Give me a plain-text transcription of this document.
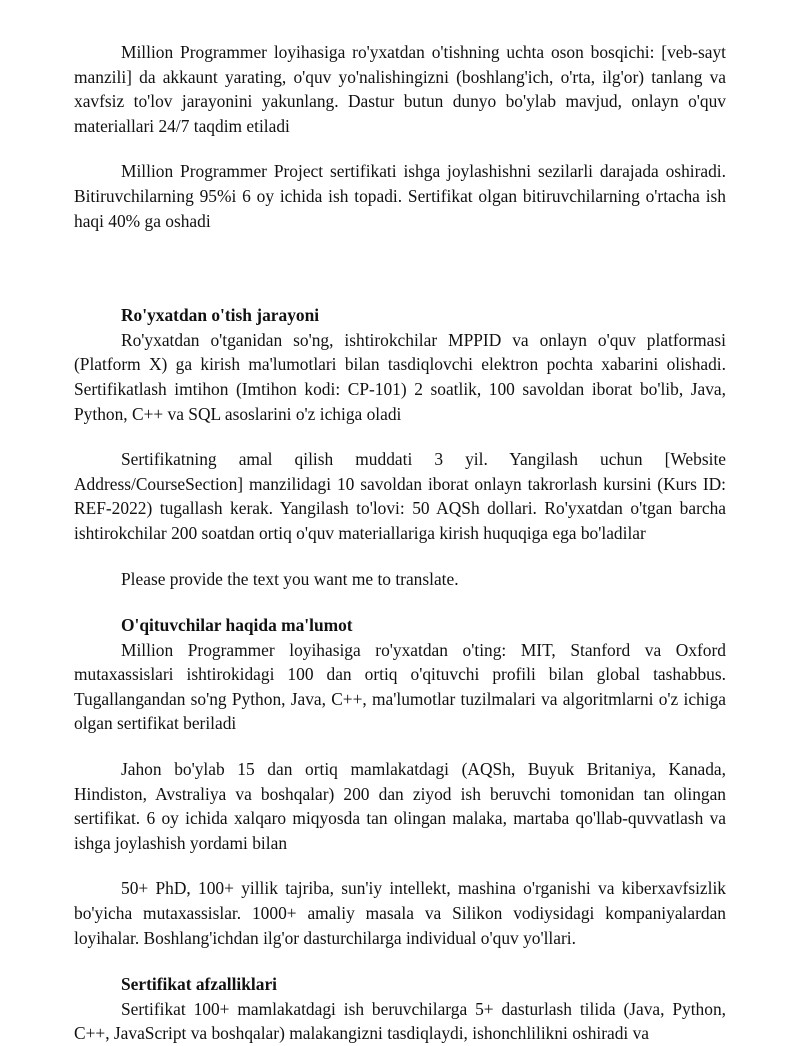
Million Programmer loyihasiga ro'yxatdan o'tishning uchta oson bosqichi: [veb-sayt manzili] da akkaunt yarating, o'quv yo'nalishingizni (boshlang'ich, o'rta, ilg'or) tanlang va xavfsiz to'lov jarayonini yakunlang. Dastur butun dunyo bo'ylab mavjud, onlayn o'quv materiallari 24/7 taqdim etiladi

Million Programmer Project sertifikati ishga joylashishni sezilarli darajada oshiradi. Bitiruvchilarning 95%i 6 oy ichida ish topadi. Sertifikat olgan bitiruvchilarning o'rtacha ish haqi 40% ga oshadi

Ro'yxatdan o'tish jarayoni

Ro'yxatdan o'tganidan so'ng, ishtirokchilar MPPID va onlayn o'quv platformasi (Platform X) ga kirish ma'lumotlari bilan tasdiqlovchi elektron pochta xabarini olishadi. Sertifikatlash imtihon (Imtihon kodi: CP-101) 2 soatlik, 100 savoldan iborat bo'lib, Java, Python, C++ va SQL asoslarini o'z ichiga oladi

Sertifikatning amal qilish muddati 3 yil. Yangilash uchun [Website Address/CourseSection] manzilidagi 10 savoldan iborat onlayn takrorlash kursini (Kurs ID: REF-2022) tugallash kerak. Yangilash to'lovi: 50 AQSh dollari. Ro'yxatdan o'tgan barcha ishtirokchilar 200 soatdan ortiq o'quv materiallariga kirish huquqiga ega bo'ladilar

Please provide the text you want me to translate.

O'qituvchilar haqida ma'lumot

Million Programmer loyihasiga ro'yxatdan o'ting: MIT, Stanford va Oxford mutaxassislari ishtirokidagi 100 dan ortiq o'qituvchi profili bilan global tashabbus. Tugallangandan so'ng Python, Java, C++, ma'lumotlar tuzilmalari va algoritmlarni o'z ichiga olgan sertifikat beriladi

Jahon bo'ylab 15 dan ortiq mamlakatdagi (AQSh, Buyuk Britaniya, Kanada, Hindiston, Avstraliya va boshqalar) 200 dan ziyod ish beruvchi tomonidan tan olingan sertifikat. 6 oy ichida xalqaro miqyosda tan olingan malaka, martaba qo'llab-quvvatlash va ishga joylashish yordami bilan

50+ PhD, 100+ yillik tajriba, sun'iy intellekt, mashina o'rganishi va kiberxavfsizlik bo'yicha mutaxassislar. 1000+ amaliy masala va Silikon vodiysidagi kompaniyalardan loyihalar. Boshlang'ichdan ilg'or dasturchilarga individual o'quv yo'llari.

Sertifikat afzalliklari

Sertifikat 100+ mamlakatdagi ish beruvchilarga 5+ dasturlash tilida (Java, Python, C++, JavaScript va boshqalar) malakangizni tasdiqlaydi, ishonchlilikni oshiradi va
